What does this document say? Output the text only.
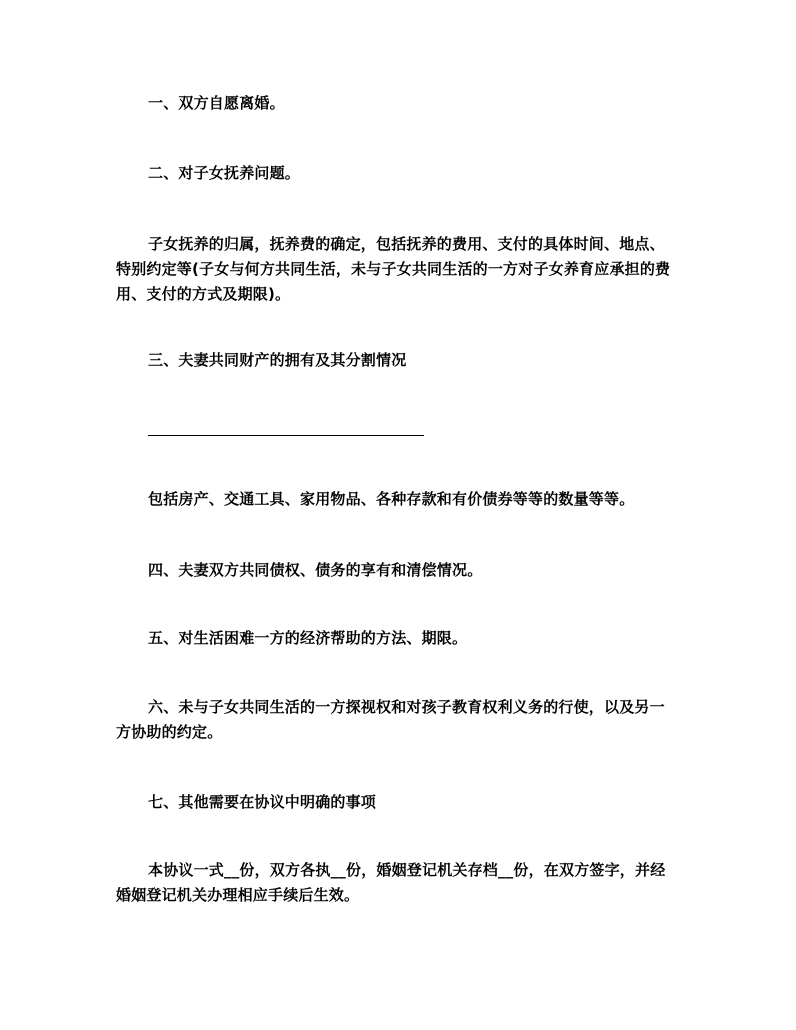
一、双方自愿离婚。

二、对子女抚养问题。

子女抚养的归属，抚养费的确定，包括抚养的费用、支付的具体时间、地点、特别约定等(子女与何方共同生活，未与子女共同生活的一方对子女养育应承担的费用、支付的方式及期限)。

三、夫妻共同财产的拥有及其分割情况

包括房产、交通工具、家用物品、各种存款和有价债券等等的数量等等。

四、夫妻双方共同债权、债务的享有和清偿情况。

五、对生活困难一方的经济帮助的方法、期限。

六、未与子女共同生活的一方探视权和对孩子教育权利义务的行使，以及另一方协助的约定。

七、其他需要在协议中明确的事项

本协议一式__份，双方各执__份，婚姻登记机关存档__份，在双方签字，并经婚姻登记机关办理相应手续后生效。
